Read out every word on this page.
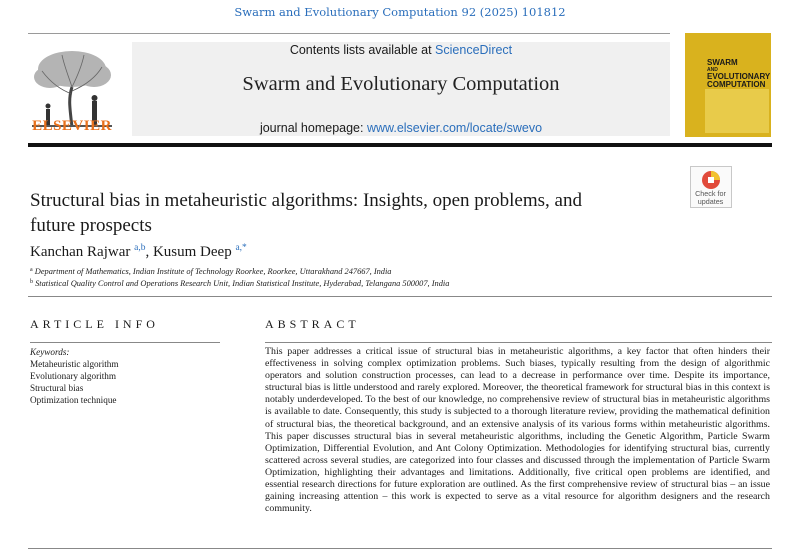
Swarm and Evolutionary Computation 92 (2025) 101812
ELSEVIER
Contents lists available at ScienceDirect
Swarm and Evolutionary Computation
journal homepage: www.elsevier.com/locate/swevo
SWARM
AND
EVOLUTIONARY
COMPUTATION
Check for
updates
Structural bias in metaheuristic algorithms: Insights, open problems, and
future prospects
Kanchan Rajwar $^{a,b}$, Kusum Deep $^{a,*}$
$^a$ Department of Mathematics, Indian Institute of Technology Roorkee, Roorkee, Uttarakhand 247667, India
$^b$ Statistical Quality Control and Operations Research Unit, Indian Statistical Institute, Hyderabad, Telangana 500007, India
ARTICLE INFO
Keywords:
Metaheuristic algorithm
Evolutionary algorithm
Structural bias
Optimization technique
ABSTRACT
This paper addresses a critical issue of structural bias in metaheuristic algorithms, a key factor that often hinders their effectiveness in solving complex optimization problems. Such biases, typically resulting from the design of algorithmic operators and solution construction processes, can lead to a decrease in performance over time. Despite its importance, structural bias is little understood and rarely explored. Moreover, the theoretical framework for structural bias in this context is notably underdeveloped. To the best of our knowledge, no comprehensive review of structural bias in metaheuristic algorithms is available to date. Consequently, this study is subjected to a thorough literature review, providing the mathematical definition of structural bias, the theoretical background, and an extensive analysis of its various forms within metaheuristic algorithms. This paper discusses structural bias in several metaheuristic algorithms, including the Genetic Algorithm, Particle Swarm Optimization, Differential Evolution, and Ant Colony Optimization. Methodologies for identifying structural bias, currently scattered across several studies, are categorized into four classes and discussed through the implementation of Particle Swarm Optimization, highlighting their advantages and limitations. Additionally, five critical open problems are identified, and essential research directions for future exploration are outlined. As the first comprehensive review of structural bias – an issue gaining increasing attention – this work is expected to serve as a vital resource for algorithm designers and the research community.
